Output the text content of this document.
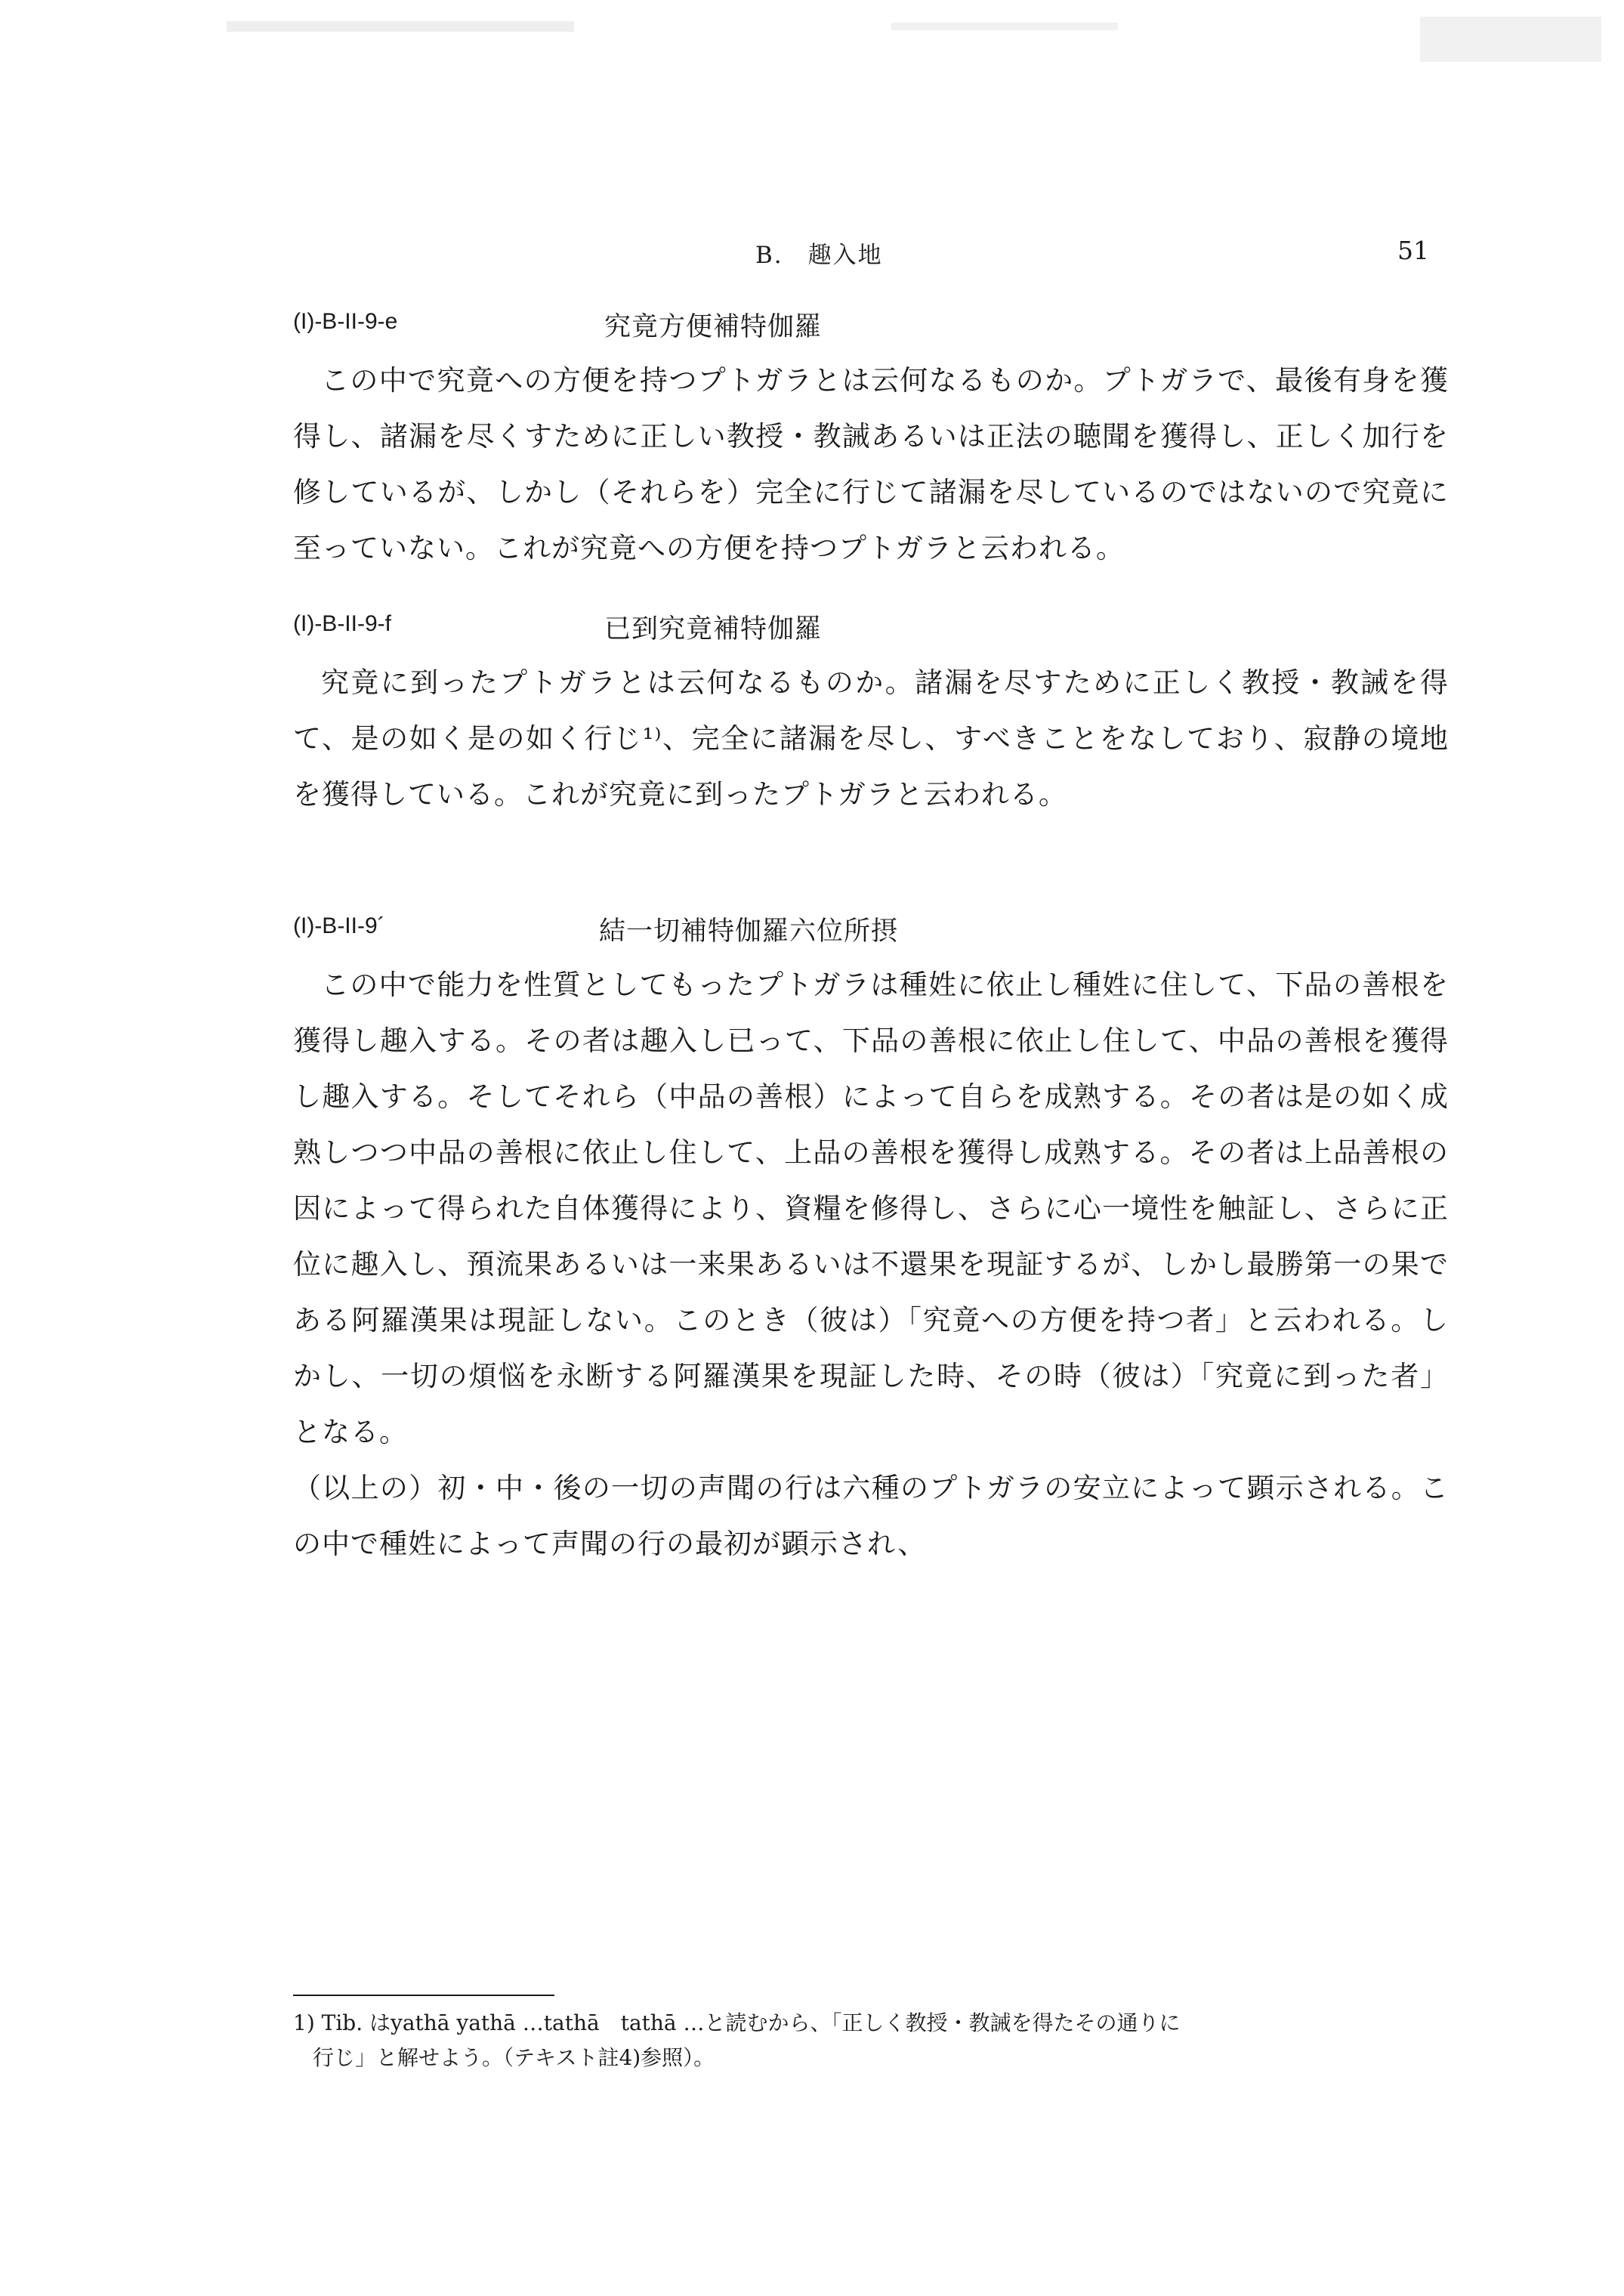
B.　趣入地	51
(I)-B-II-9-e	究竟方便補特伽羅

この中で究竟への方便を持つプトガラとは云何なるものか。プトガラで、最後有身を獲得し、諸漏を尽くすために正しい教授・教誡あるいは正法の聴聞を獲得し、正しく加行を修しているが、しかし（それらを）完全に行じて諸漏を尽しているのではないので究竟に至っていない。これが究竟への方便を持つプトガラと云われる。

(I)-B-II-9-f	已到究竟補特伽羅

究竟に到ったプトガラとは云何なるものか。諸漏を尽すために正しく教授・教誡を得て、是の如く是の如く行じ¹⁾、完全に諸漏を尽し、すべきことをなしており、寂静の境地を獲得している。これが究竟に到ったプトガラと云われる。

(I)-B-II-9´	結一切補特伽羅六位所摂

この中で能力を性質としてもったプトガラは種姓に依止し種姓に住して、下品の善根を獲得し趣入する。その者は趣入し已って、下品の善根に依止し住して、中品の善根を獲得し趣入する。そしてそれら（中品の善根）によって自らを成熟する。その者は是の如く成熟しつつ中品の善根に依止し住して、上品の善根を獲得し成熟する。その者は上品善根の因によって得られた自体獲得により、資糧を修得し、さらに心一境性を触証し、さらに正位に趣入し、預流果あるいは一来果あるいは不還果を現証するが、しかし最勝第一の果である阿羅漢果は現証しない。このとき（彼は）「究竟への方便を持つ者」と云われる。しかし、一切の煩悩を永断する阿羅漢果を現証した時、その時（彼は）「究竟に到った者」となる。

（以上の）初・中・後の一切の声聞の行は六種のプトガラの安立によって顕示される。この中で種姓によって声聞の行の最初が顕示され、

1) Tib. はyathā yathā …tathā　tathā …と読むから、「正しく教授・教誡を得たその通りに
行じ」と解せよう。（テキスト註4)参照）。
